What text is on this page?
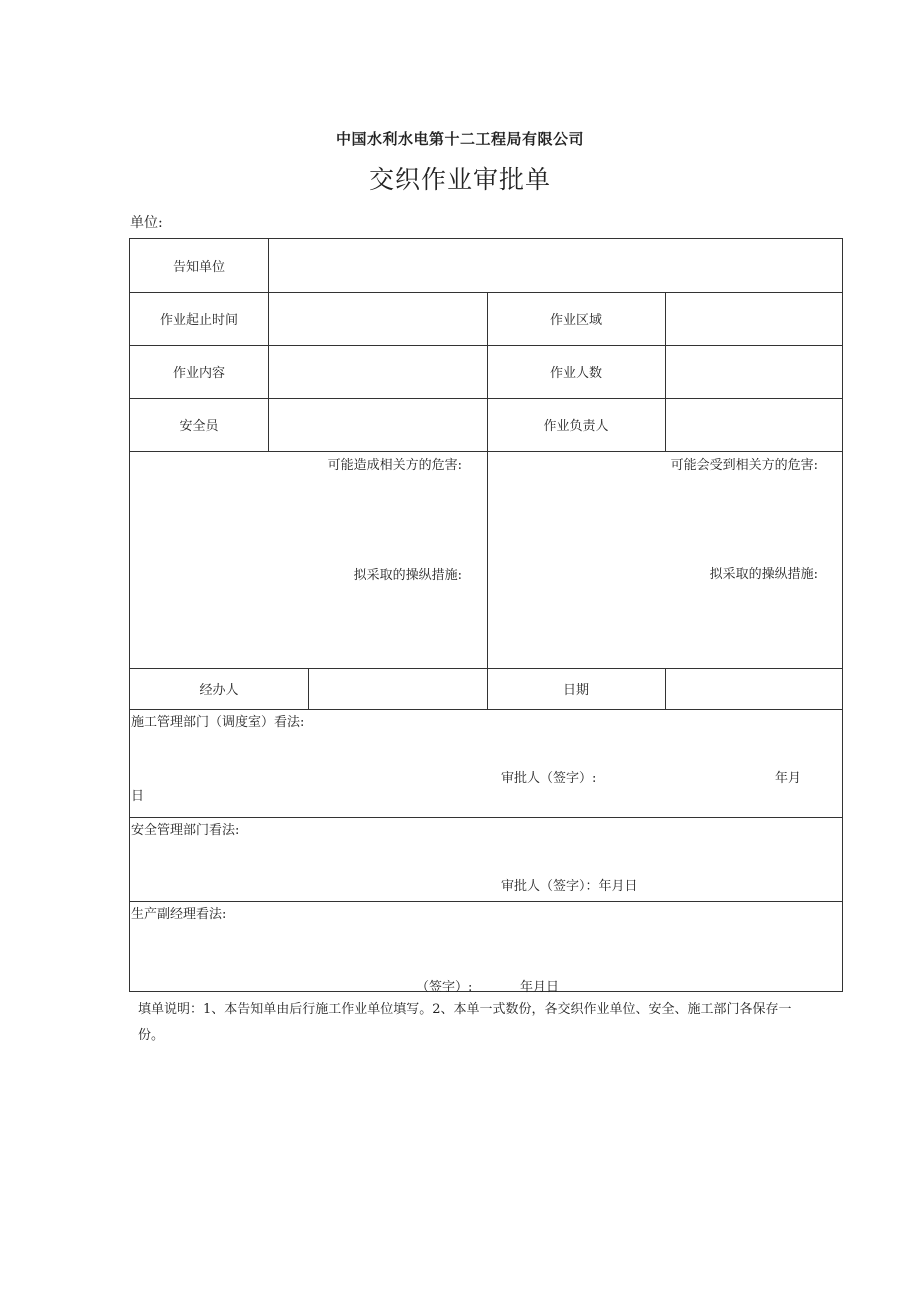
中国水利水电第十二工程局有限公司
交织作业审批单
单位:
告知单位
作业起止时间	作业区域
作业内容	作业人数
安全员	作业负责人
可能造成相关方的危害:	可能会受到相关方的危害:
拟采取的操纵措施:	拟采取的操纵措施:
经办人	日期
施工管理部门（调度室）看法:
审批人（签字）:	年月
日
安全管理部门看法:
审批人（签字）：年月日
生产副经理看法:
（签字）:	年月日
填单说明：1、本告知单由后行施工作业单位填写。2、本单一式数份，各交织作业单位、安全、施工部门各保存一
份。
